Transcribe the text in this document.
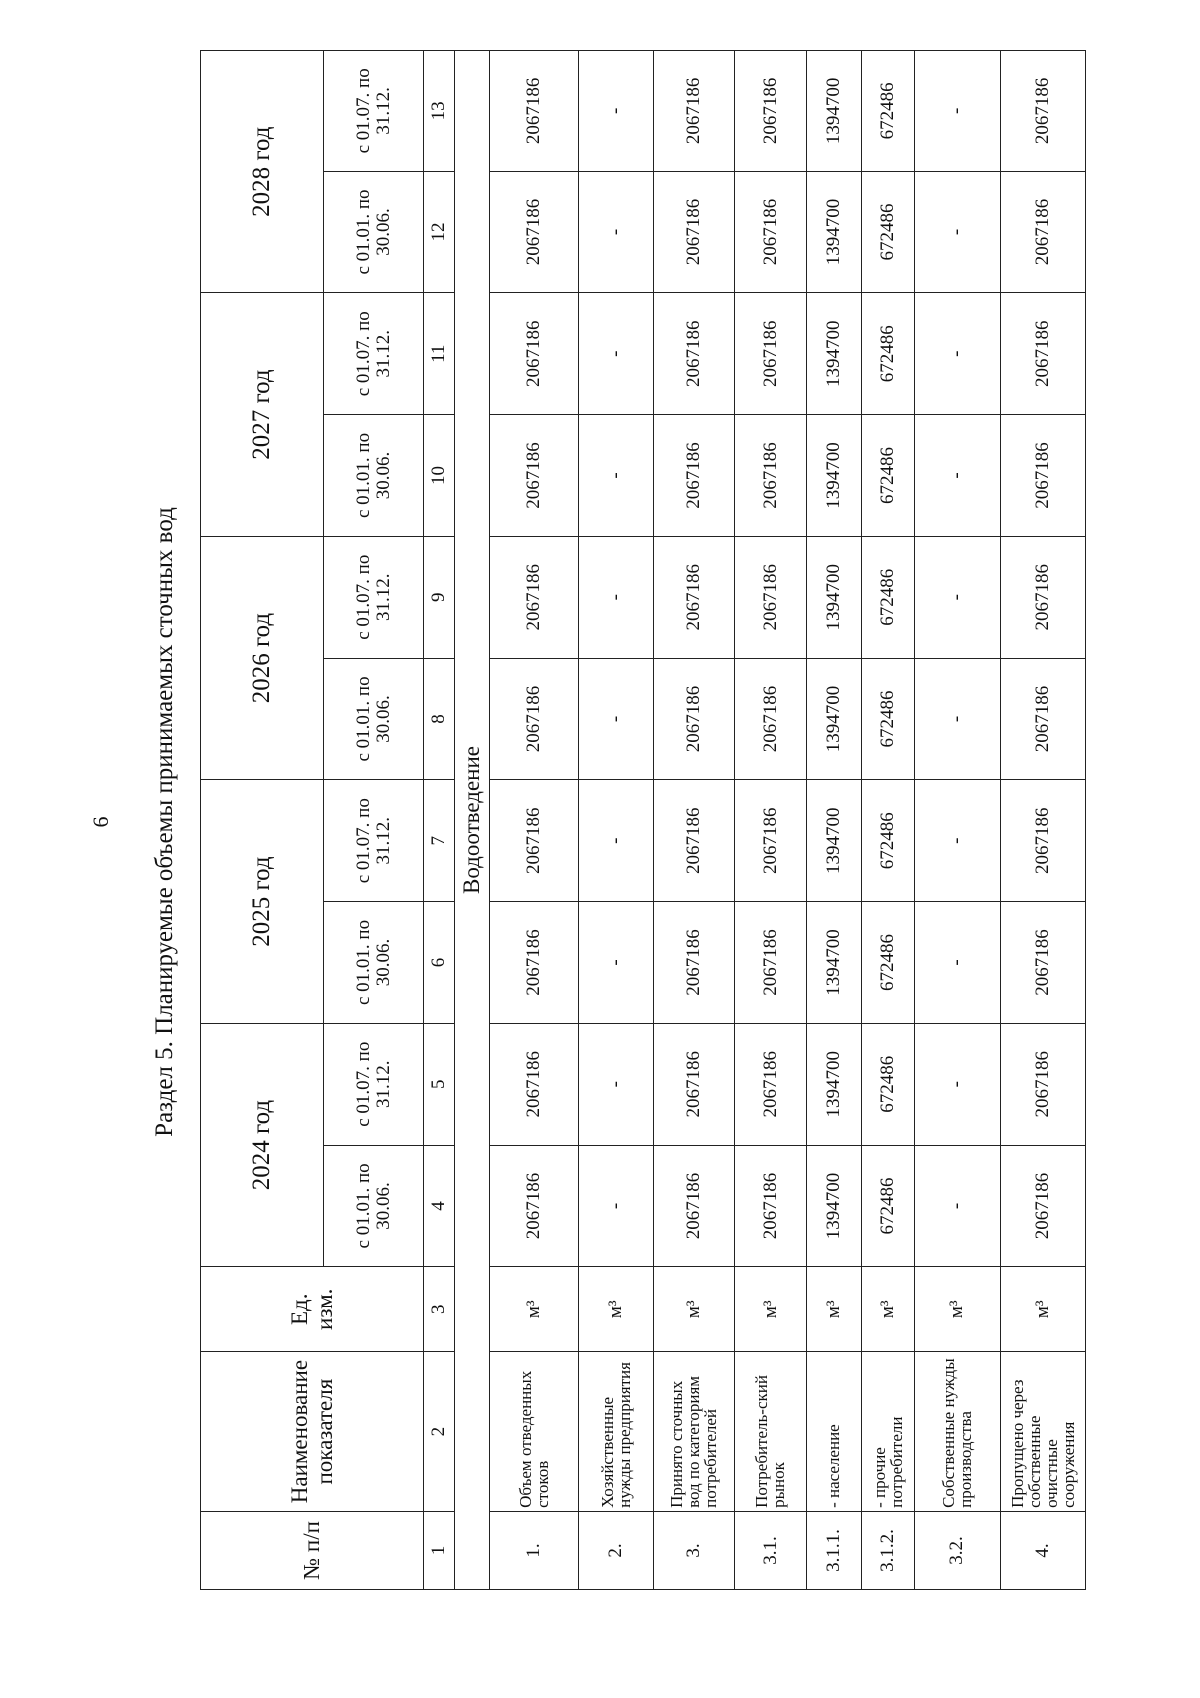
6 Раздел 5. Планируемые объемы принимаемых сточных вод
№ п/п	Наименование показателя	Ед. изм.	2024 год		2025 год		2026 год		2027 год		2028 год	
			с 01.01. по 30.06.	с 01.07. по 31.12.	с 01.01. по 30.06.	с 01.07. по 31.12.	с 01.01. по 30.06.	с 01.07. по 31.12.	с 01.01. по 30.06.	с 01.07. по 31.12.	с 01.01. по 30.06.	с 01.07. по 31.12.
1	2	3	4	5	6	7	8	9	10	11	12	13
Водоотведение												
1.	Объем отведенных стоков	м³	2067186	2067186	2067186	2067186	2067186	2067186	2067186	2067186	2067186	2067186
2.	Хозяйственные нужды предприятия	м³	-	-	-	-	-	-	-	-	-	-
3.	Принято сточных вод по категориям потребителей	м³	2067186	2067186	2067186	2067186	2067186	2067186	2067186	2067186	2067186	2067186
3.1.	Потребитель-ский рынок	м³	2067186	2067186	2067186	2067186	2067186	2067186	2067186	2067186	2067186	2067186
3.1.1.	- население	м³	1394700	1394700	1394700	1394700	1394700	1394700	1394700	1394700	1394700	1394700
3.1.2.	- прочие потребители	м³	672486	672486	672486	672486	672486	672486	672486	672486	672486	672486
3.2.	Собственные нужды производства	м³	-	-	-	-	-	-	-	-	-	-
4.	Пропущено через собственные очистные сооружения	м³	2067186	2067186	2067186	2067186	2067186	2067186	2067186	2067186	2067186	2067186
